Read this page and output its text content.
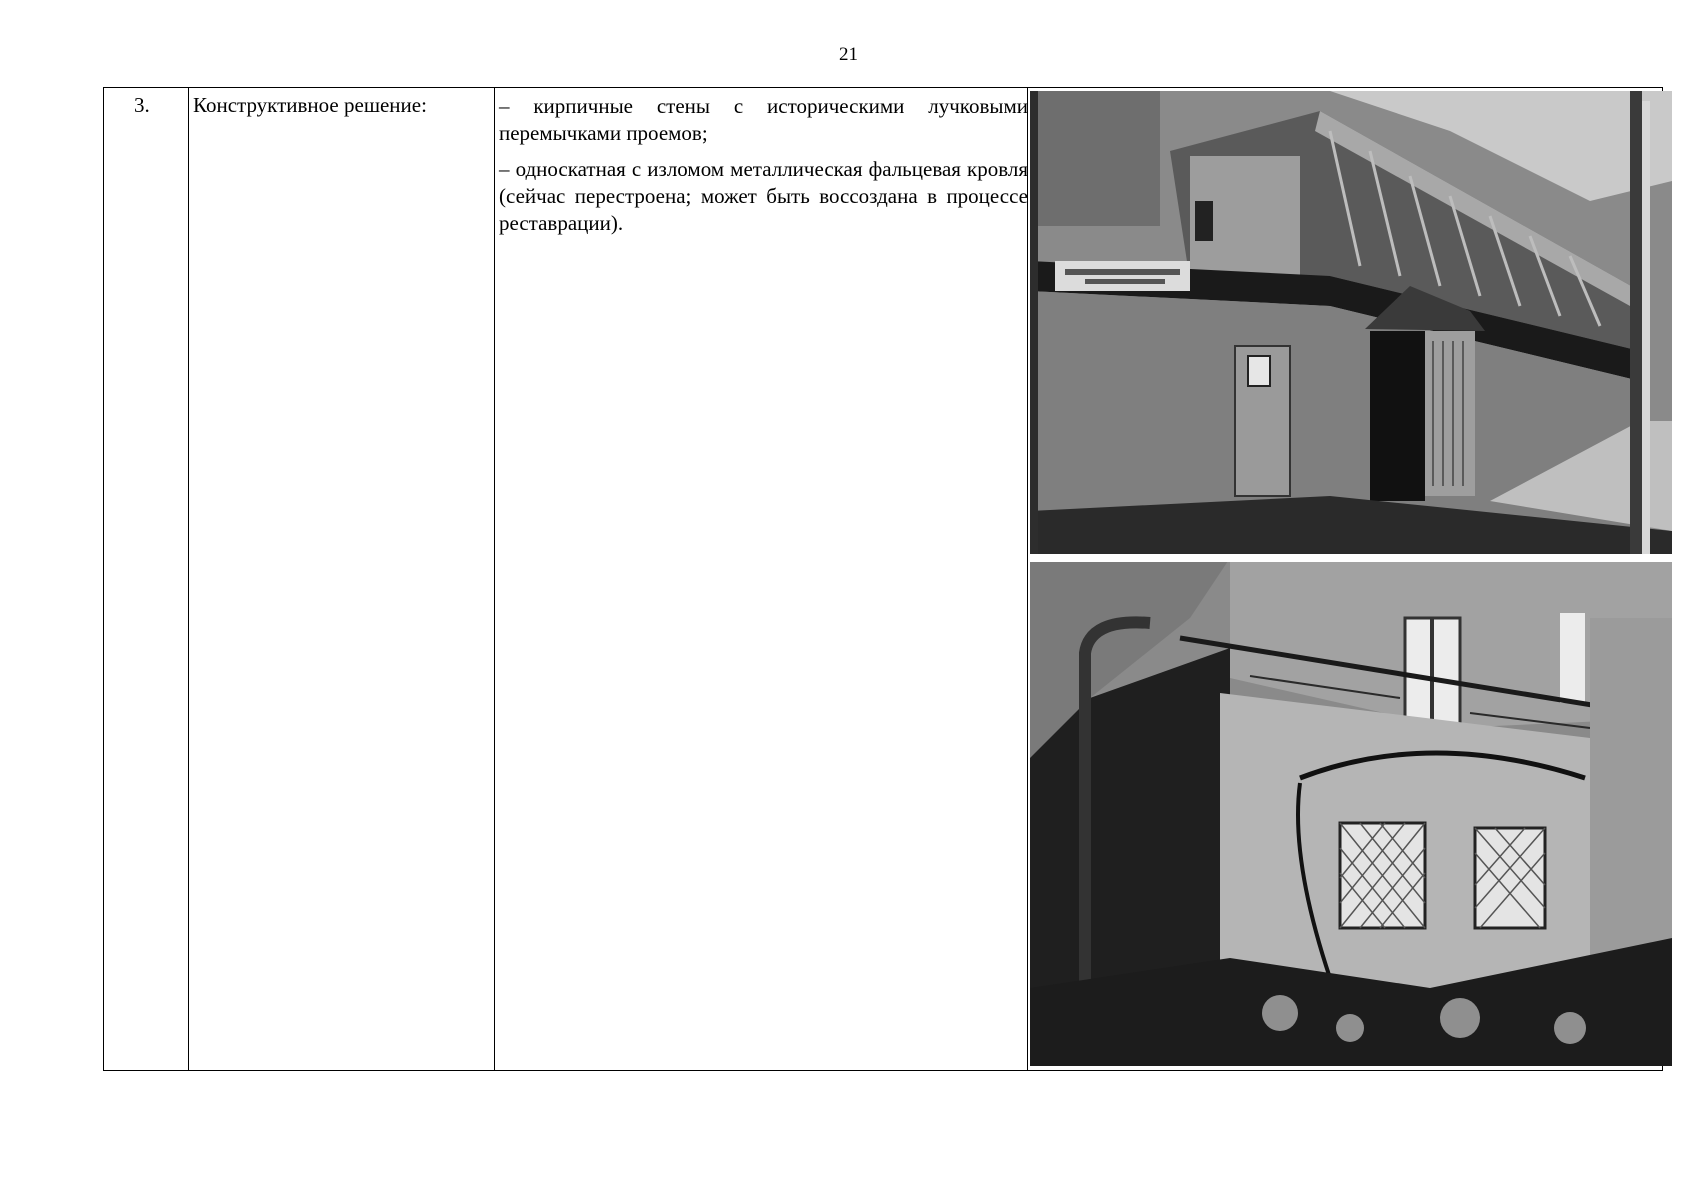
21
3. Конструктивное решение:	– кирпичные стены с историческими лучковыми перемычками проемов;

– односкатная с изломом металлическая фальцевая кровля (сейчас перестроена; может быть воссоздана в процессе реставрации).
